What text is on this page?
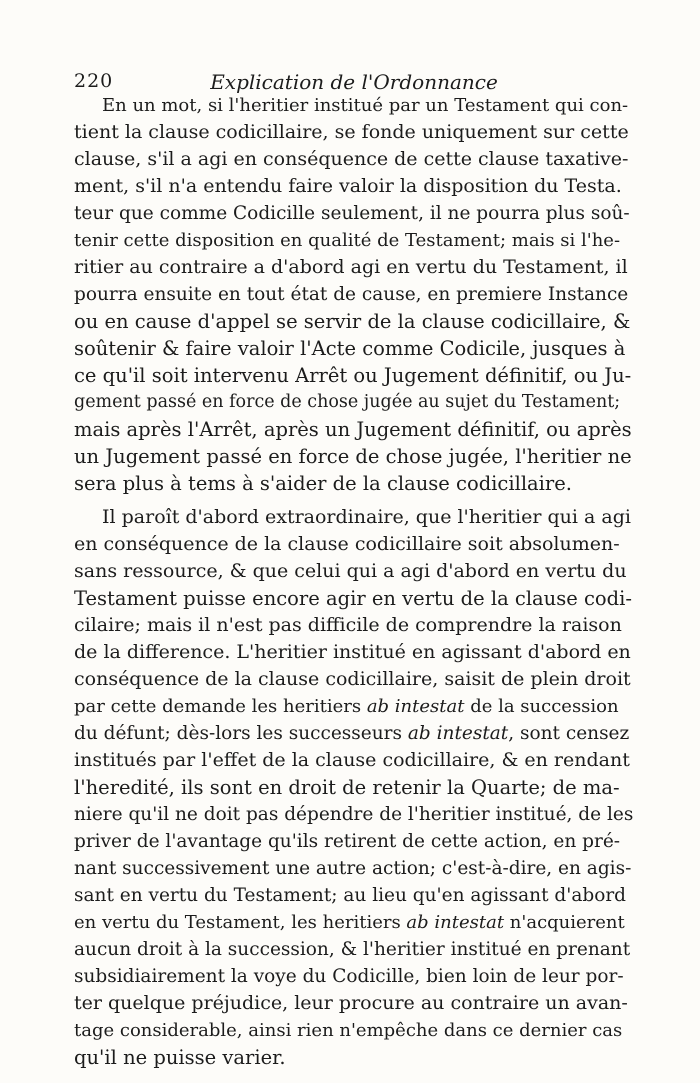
220	Explication de l'Ordonnance
En un mot, si l'heritier institué par un Testament qui con-
tient la clause codicillaire, se fonde uniquement sur cette
clause, s'il a agi en conséquence de cette clause taxative-
ment, s'il n'a entendu faire valoir la disposition du Testa.
teur que comme Codicille seulement, il ne pourra plus soû-
tenir cette disposition en qualité de Testament; mais si l'he-
ritier au contraire a d'abord agi en vertu du Testament, il
pourra ensuite en tout état de cause, en premiere Instance
ou en cause d'appel se servir de la clause codicillaire, &
soûtenir & faire valoir l'Acte comme Codicile, jusques à
ce qu'il soit intervenu Arrêt ou Jugement définitif, ou Ju-
gement passé en force de chose jugée au sujet du Testament;
mais après l'Arrêt, après un Jugement définitif, ou après
un Jugement passé en force de chose jugée, l'heritier ne
sera plus à tems à s'aider de la clause codicillaire.
Il paroît d'abord extraordinaire, que l'heritier qui a agi
en conséquence de la clause codicillaire soit absolumen-
sans ressource, & que celui qui a agi d'abord en vertu du
Testament puisse encore agir en vertu de la clause codi-
cilaire; mais il n'est pas difficile de comprendre la raison
de la difference. L'heritier institué en agissant d'abord en
conséquence de la clause codicillaire, saisit de plein droit
par cette demande les heritiers ab intestat de la succession
du défunt; dès-lors les successeurs ab intestat, sont censez
institués par l'effet de la clause codicillaire, & en rendant
l'heredité, ils sont en droit de retenir la Quarte; de ma-
niere qu'il ne doit pas dépendre de l'heritier institué, de les
priver de l'avantage qu'ils retirent de cette action, en pré-
nant successivement une autre action; c'est-à-dire, en agis-
sant en vertu du Testament; au lieu qu'en agissant d'abord
en vertu du Testament, les heritiers ab intestat n'acquierent
aucun droit à la succession, & l'heritier institué en prenant
subsidiairement la voye du Codicille, bien loin de leur por-
ter quelque préjudice, leur procure au contraire un avan-
tage considerable, ainsi rien n'empêche dans ce dernier cas
qu'il ne puisse varier.
